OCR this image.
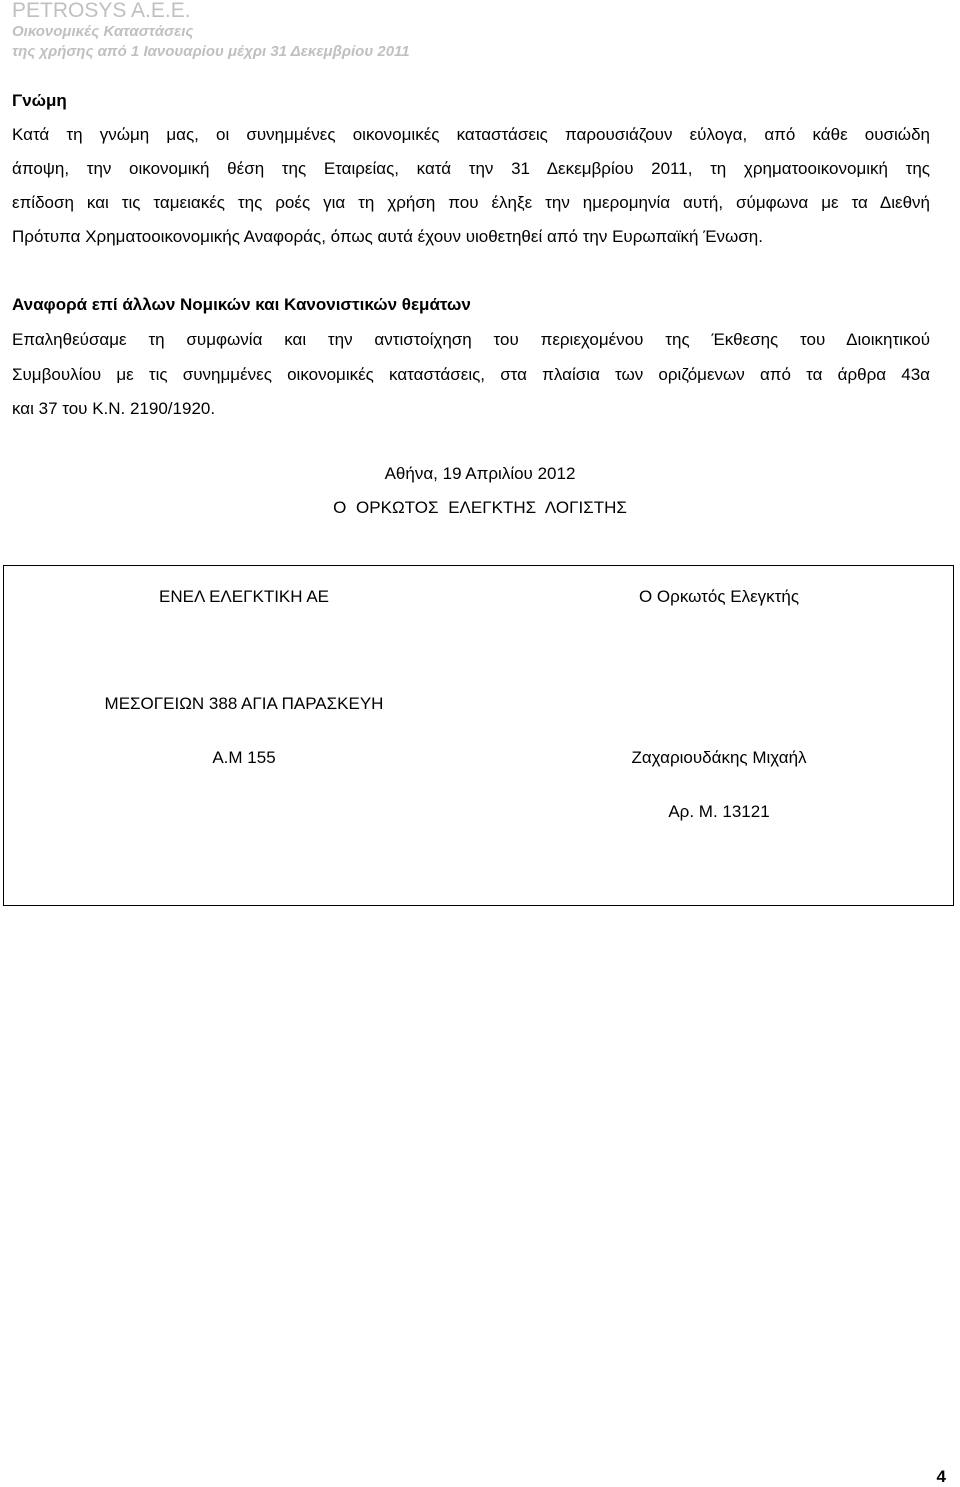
PETROSYS A.E.E.
Οικονομικές Καταστάσεις
της χρήσης από 1 Ιανουαρίου μέχρι 31 Δεκεμβρίου 2011
Γνώμη
Κατά τη γνώμη μας, οι συνημμένες οικονομικές καταστάσεις παρουσιάζουν εύλογα, από κάθε ουσιώδη
άποψη, την οικονομική θέση της Εταιρείας, κατά την 31 Δεκεμβρίου 2011, τη χρηματοοικονομική της
επίδοση και τις ταμειακές της ροές για τη χρήση που έληξε την ημερομηνία αυτή, σύμφωνα με τα Διεθνή
Πρότυπα Χρηματοοικονομικής Αναφοράς, όπως αυτά έχουν υιοθετηθεί από την Ευρωπαϊκή Ένωση.
Αναφορά επί άλλων Νομικών και Κανονιστικών θεμάτων
Επαληθεύσαμε τη συμφωνία και την αντιστοίχηση του περιεχομένου της Έκθεσης του Διοικητικού
Συμβουλίου με τις συνημμένες οικονομικές καταστάσεις, στα πλαίσια των οριζόμενων από τα άρθρα 43α
και 37 του Κ.Ν. 2190/1920.
Αθήνα, 19 Απριλίου 2012
Ο ΟΡΚΩΤΟΣ ΕΛΕΓΚΤΗΣ ΛΟΓΙΣΤΗΣ
ΕΝΕΛ ΕΛΕΓΚΤΙΚΗ ΑΕ
ΜΕΣΟΓΕΙΩΝ 388 ΑΓΙΑ ΠΑΡΑΣΚΕΥΗ
Α.Μ 155
Ο Ορκωτός Ελεγκτής
Ζαχαριουδάκης Μιχαήλ
Αρ. Μ. 13121
4
